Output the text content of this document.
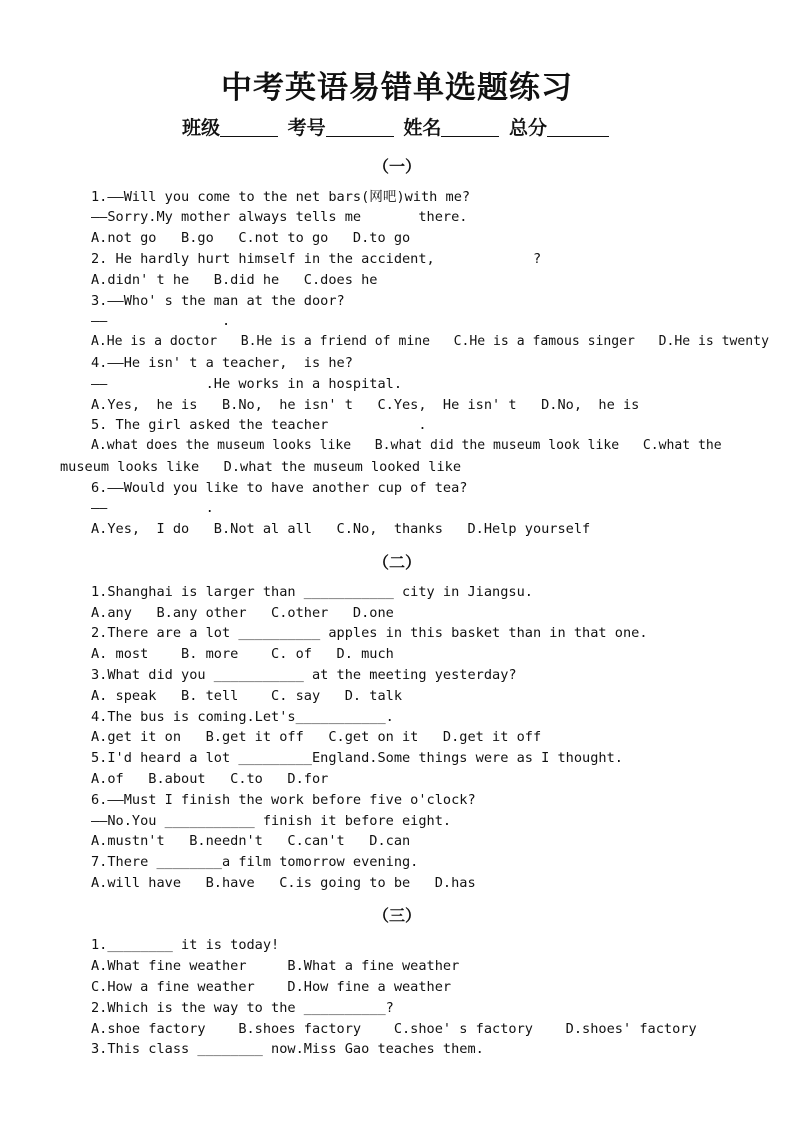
中考英语易错单选题练习
班级	考号	姓名	总分
（一）
1.——Will you come to the net bars(网吧)with me?
——Sorry.My mother always tells me       there.
A.not go   B.go   C.not to go   D.to go
2. He hardly hurt himself in the accident,            ?
A.didn' t he   B.did he   C.does he
3.——Who' s the man at the door?
——              .
A.He is a doctor   B.He is a friend of mine   C.He is a famous singer   D.He is twenty
4.——He isn' t a teacher,  is he?
——            .He works in a hospital.
A.Yes,  he is   B.No,  he isn' t   C.Yes,  He isn' t   D.No,  he is
5. The girl asked the teacher           .
A.what does the museum looks like   B.what did the museum look like   C.what the
museum looks like   D.what the museum looked like
6.——Would you like to have another cup of tea?
——            .
A.Yes,  I do   B.Not al all   C.No,  thanks   D.Help yourself
（二）
1.Shanghai is larger than ___________ city in Jiangsu.
A.any   B.any other   C.other   D.one
2.There are a lot __________ apples in this basket than in that one.
A. most    B. more    C. of   D. much
3.What did you ___________ at the meeting yesterday?
A. speak   B. tell    C. say   D. talk
4.The bus is coming.Let's___________.
A.get it on   B.get it off   C.get on it   D.get it off
5.I'd heard a lot _________England.Some things were as I thought.
A.of   B.about   C.to   D.for
6.——Must I finish the work before five o'clock?
——No.You ___________ finish it before eight.
A.mustn't   B.needn't   C.can't   D.can
7.There ________a film tomorrow evening.
A.will have   B.have   C.is going to be   D.has
（三）
1.________ it is today!
A.What fine weather     B.What a fine weather
C.How a fine weather    D.How fine a weather
2.Which is the way to the __________?
A.shoe factory    B.shoes factory    C.shoe' s factory    D.shoes' factory
3.This class ________ now.Miss Gao teaches them.
